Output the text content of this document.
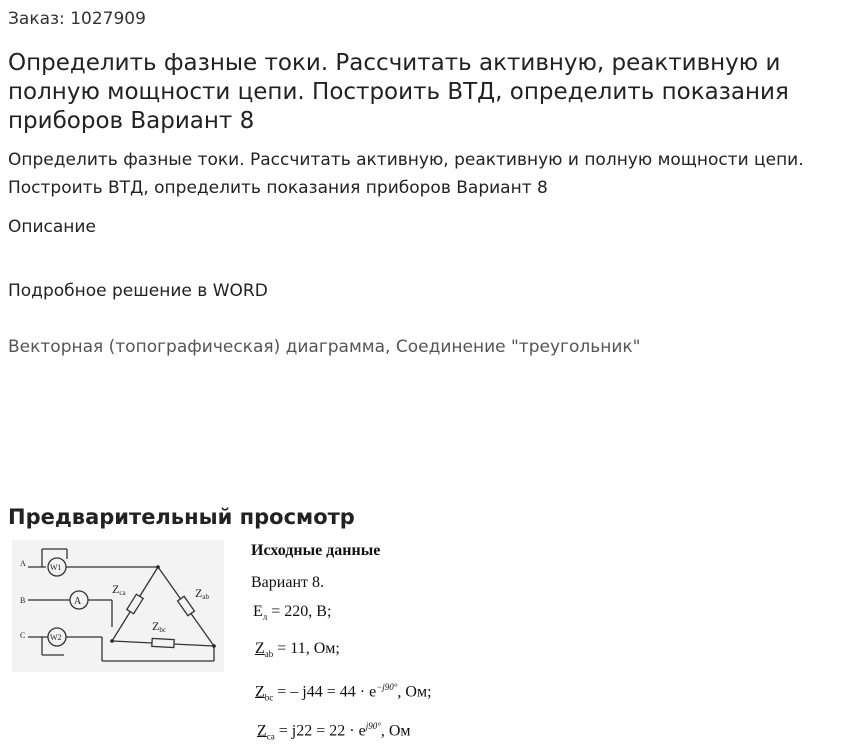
Заказ: 1027909
Определить фазные токи. Рассчитать активную, реактивную и полную мощности цепи. Построить ВТД, определить показания приборов Вариант 8
Определить фазные токи. Рассчитать активную, реактивную и полную мощности цепи. Построить ВТД, определить показания приборов Вариант 8
Описание
Подробное решение в WORD
Векторная (топографическая) диаграмма, Соединение "треугольник"
Предварительный просмотр
A
B
C
W1
A
W2
Zca	Zab
Zbc
Исходные данные
Вариант 8.
$E_л = 220$, В;
$Z_{ab} = 11$, Ом;
$Z_{bc}$ = – $j44 = 44 \cdot e^{-j90^\circ}$, Ом;
$Z_{ca} = j22 = 22 \cdot e^{j90^\circ}$, Ом
